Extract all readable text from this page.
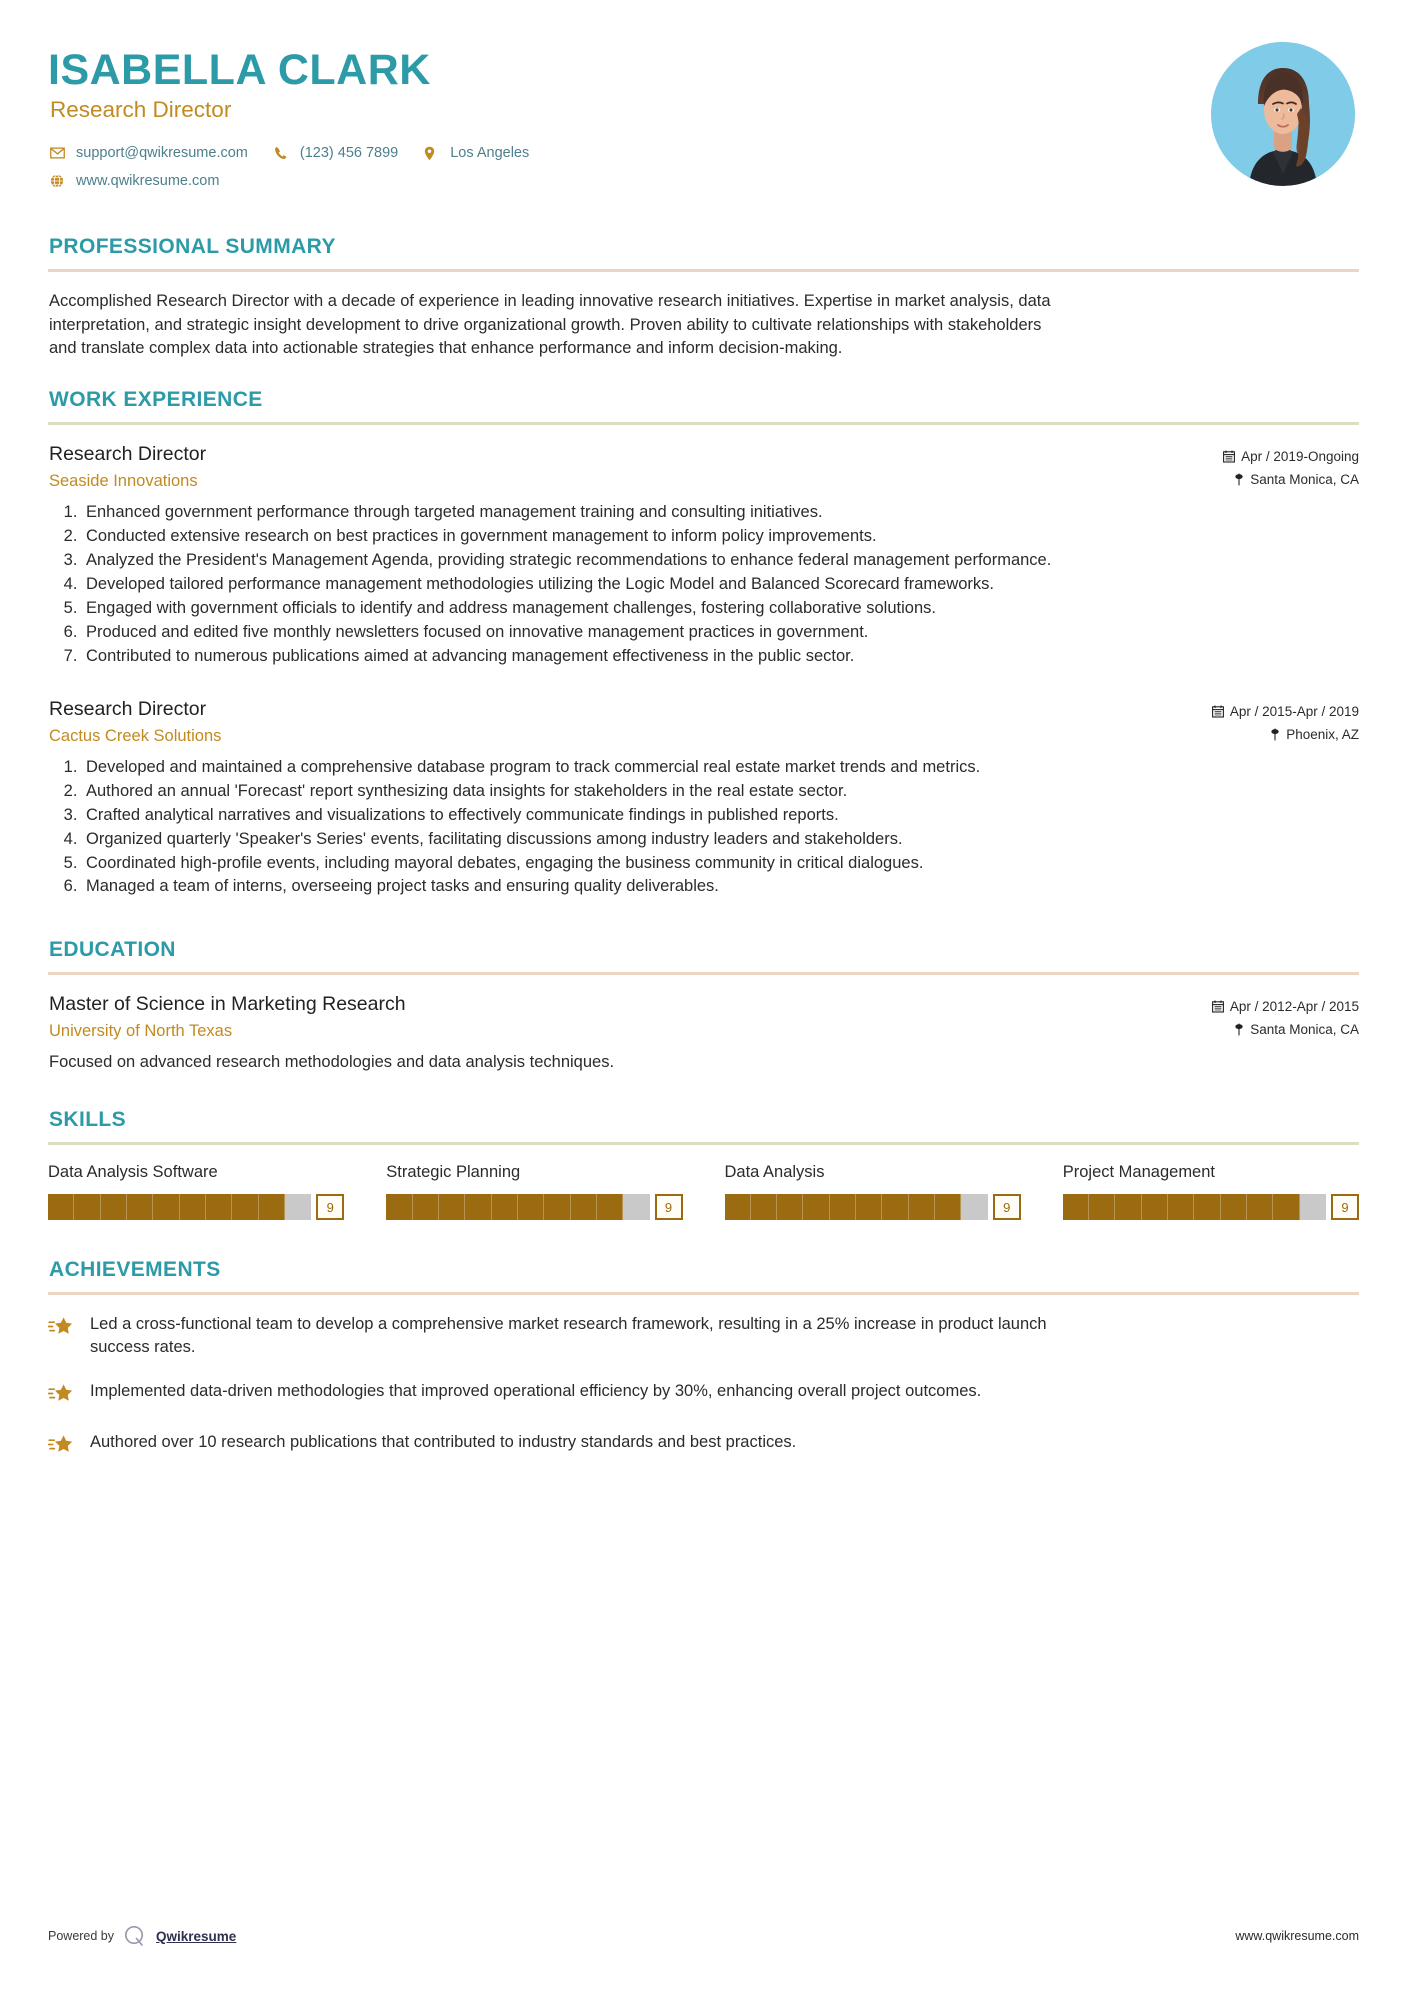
ISABELLA CLARK
Research Director
support@qwikresume.com	(123) 456 7899	Los Angeles
www.qwikresume.com
PROFESSIONAL SUMMARY

Accomplished Research Director with a decade of experience in leading innovative research initiatives. Expertise in market analysis, data interpretation, and strategic insight development to drive organizational growth. Proven ability to cultivate relationships with stakeholders and translate complex data into actionable strategies that enhance performance and inform decision-making.

WORK EXPERIENCE
Research Director
Seaside Innovations
Apr / 2019-Ongoing
Santa Monica, CA
1. Enhanced government performance through targeted management training and consulting initiatives.
2. Conducted extensive research on best practices in government management to inform policy improvements.
3. Analyzed the President's Management Agenda, providing strategic recommendations to enhance federal management performance.
4. Developed tailored performance management methodologies utilizing the Logic Model and Balanced Scorecard frameworks.
5. Engaged with government officials to identify and address management challenges, fostering collaborative solutions.
6. Produced and edited five monthly newsletters focused on innovative management practices in government.
7. Contributed to numerous publications aimed at advancing management effectiveness in the public sector.
Research Director
Cactus Creek Solutions
Apr / 2015-Apr / 2019
Phoenix, AZ
1. Developed and maintained a comprehensive database program to track commercial real estate market trends and metrics.
2. Authored an annual 'Forecast' report synthesizing data insights for stakeholders in the real estate sector.
3. Crafted analytical narratives and visualizations to effectively communicate findings in published reports.
4. Organized quarterly 'Speaker's Series' events, facilitating discussions among industry leaders and stakeholders.
5. Coordinated high-profile events, including mayoral debates, engaging the business community in critical dialogues.
6. Managed a team of interns, overseeing project tasks and ensuring quality deliverables.
EDUCATION
Master of Science in Marketing Research
University of North Texas
Apr / 2012-Apr / 2015
Santa Monica, CA
Focused on advanced research methodologies and data analysis techniques.
SKILLS
Data Analysis Software
9
Strategic Planning
9
Data Analysis
9
Project Management
9
ACHIEVEMENTS
Led a cross-functional team to develop a comprehensive market research framework, resulting in a 25% increase in product launch success rates.
Implemented data-driven methodologies that improved operational efficiency by 30%, enhancing overall project outcomes.
Authored over 10 research publications that contributed to industry standards and best practices.
Powered by	Qwikresume	www.qwikresume.com
